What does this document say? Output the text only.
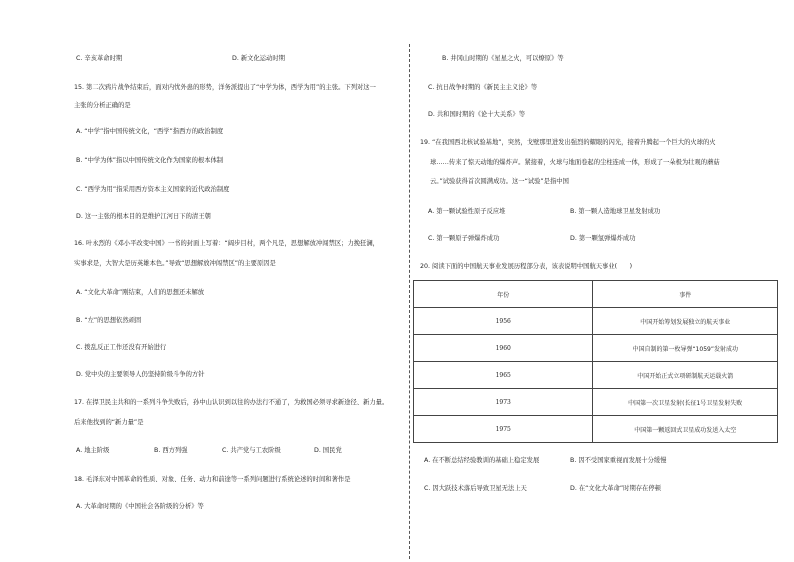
C. 辛亥革命时期	D. 新文化运动时期
15. 第二次鸦片战争结束后，面对内忧外患的形势，洋务派提出了“中学为体，西学为用”的主张。下列对这一
主张的分析正确的是
A. “中学”指中国传统文化，“西学”指西方的政治制度
B. “中学为体”指以中国传统文化作为国家的根本体制
C. “西学为用”指采用西方资本主义国家的近代政治制度
D. 这一主张的根本目的是维护江河日下的清王朝
16. 叶永烈的《邓小平改变中国》一书的封面上写着：“阔步目村，两个凡是，思想解放冲闯禁区；力挽狂澜，
实事求是，大智大是历英雄本色。”导致“思想解放冲闯禁区”的主要原因是
A. “文化大革命”刚结束，人们的思想还未解放
B. “左”的思想依然顽固
C. 拨乱反正工作还没有开始进行
D. 党中央的主要领导人仍坚持阶级斗争的方针
17. 在捍卫民主共和的一系列斗争失败后，孙中山认识到以往的办法行不通了，为救国必须寻求新途径、新力量。
后来他找到的“新力量”是
A. 地主阶级	B. 西方列强	C. 共产党与工农阶级	D. 国民党
18. 毛泽东对中国革命的性质、对象、任务、动力和前途等一系列问题进行系统论述的时间和著作是
A. 大革命时期的《中国社会各阶级的分析》等
B. 井冈山时期的《星星之火，可以燎原》等
C. 抗日战争时期的《新民主主义论》等
D. 共和国时期的《论十大关系》等
19. “在我国西北核试验基地”，突然，戈壁那里进发出强烈的耀眼的闪光，接着升腾起一个巨大的火球的火
球……传来了惊天动地的爆炸声。紧接着，火球与地面卷起的尘柱连成一体，形成了一朵极为壮观的蘑菇
云。”试验获得首次圆满成功。这一“试验”是指中国
A. 第一颗试验性原子反应堆	B. 第一颗人造地球卫星发射成功
C. 第一颗原子弹爆炸成功	D. 第一颗氢弹爆炸成功
20. 阅读下面的中国航天事业发展历程部分表，该表说明中国航天事业(　　)
A. 在不断总结经验教训的基础上稳定发展	B. 因不受国家重视而发展十分缓慢
C. 因大跃技术落后导致卫星无法上天	D. 在“文化大革命”时期存在停顿
年份	事件
1956	中国开始筹划发展独立的航天事业
1960	中国自制的第一枚导弹“1059”发射成功
1965	中国开始正式立项研制航天运载火箭
1973	中国第一次卫星发射(长征1号卫星发射失败
1975	中国第一颗返回式卫星成功发送入太空
